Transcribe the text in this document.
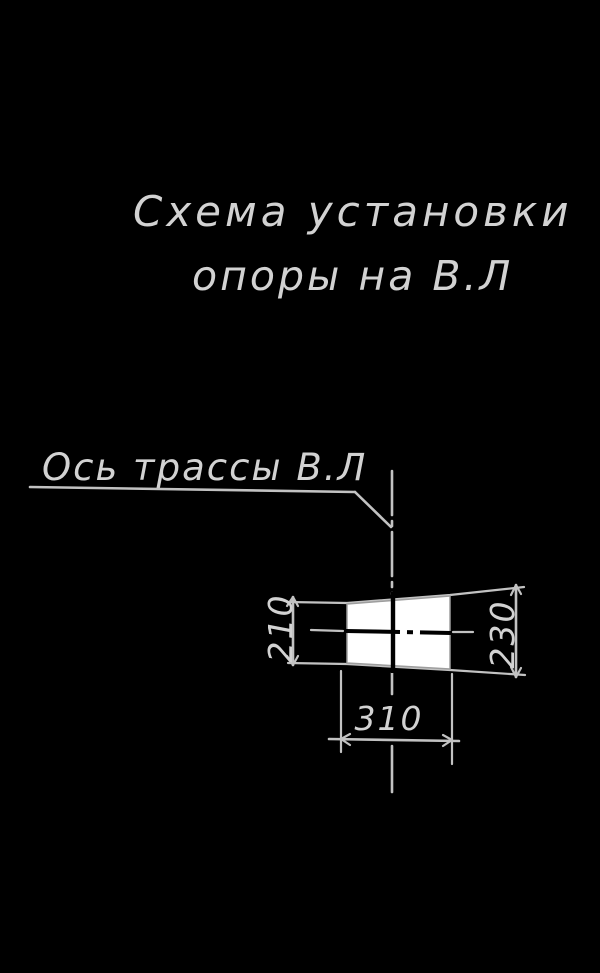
Схема установки
опоры на В.Л
Ось трассы В.Л
210	230
310
